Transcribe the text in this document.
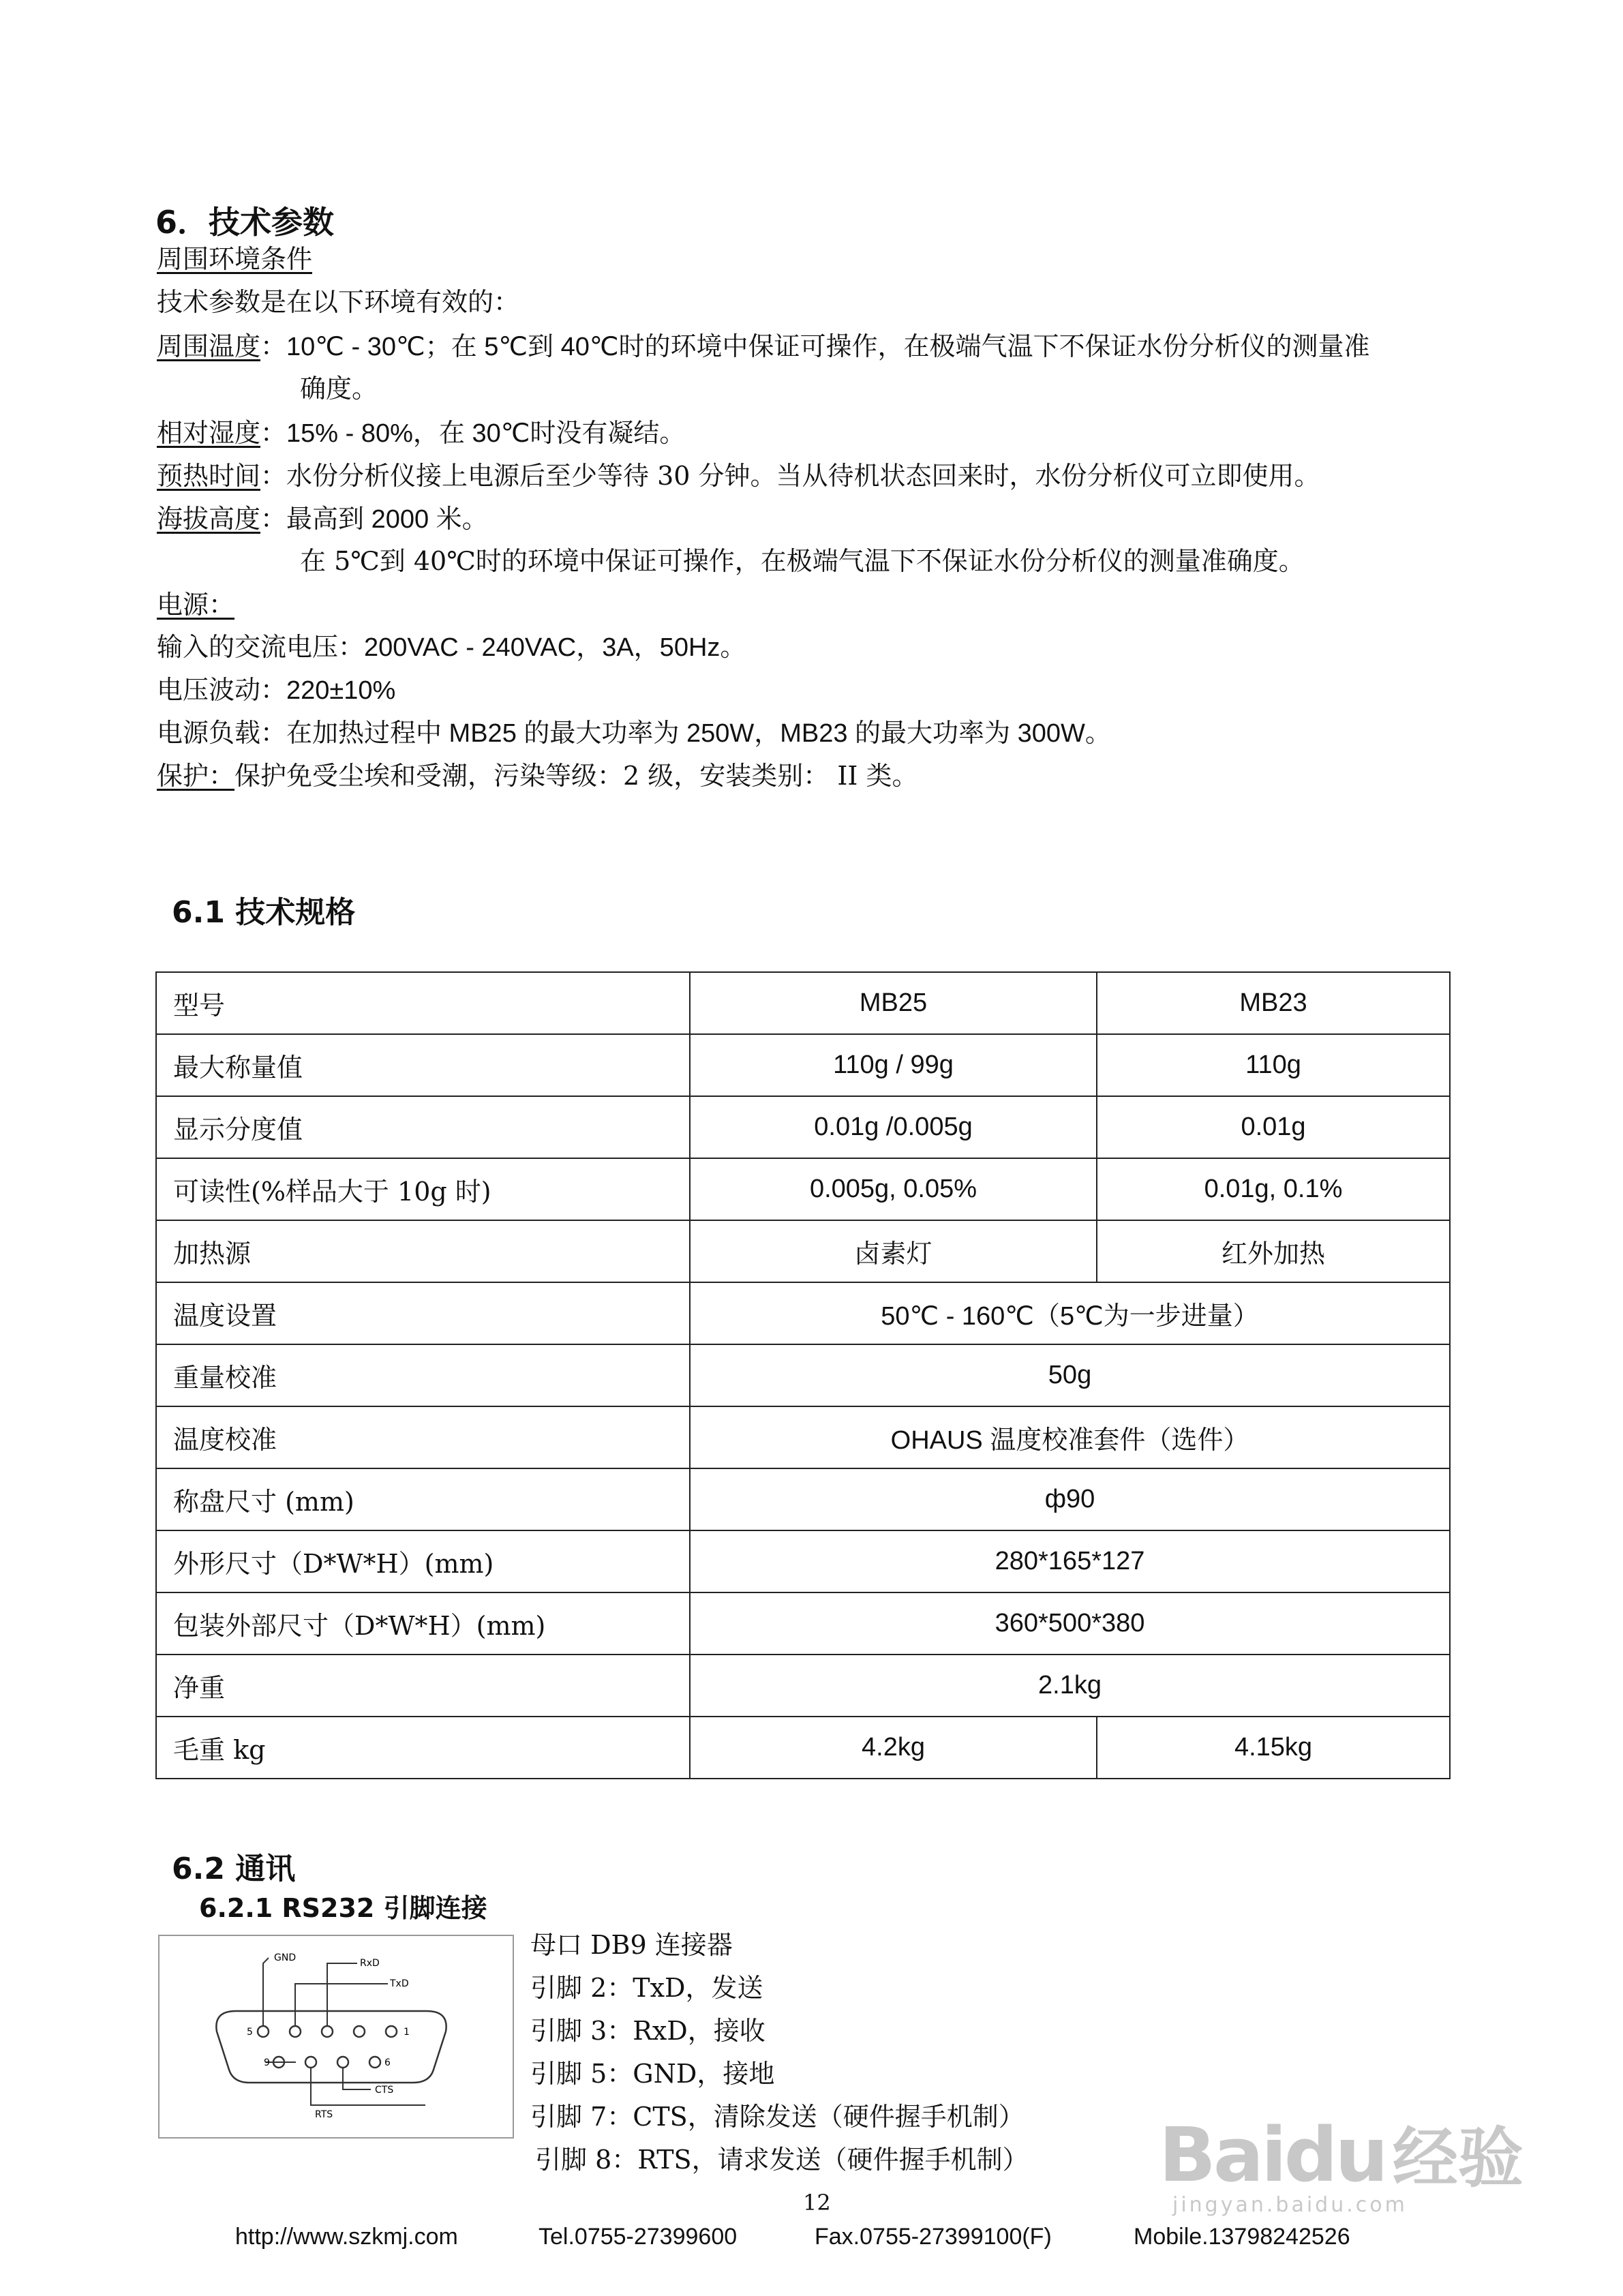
6．技术参数
周围环境条件
技术参数是在以下环境有效的：
周围温度：10℃ - 30℃；在 5℃到 40℃时的环境中保证可操作，在极端气温下不保证水份分析仪的测量准
确度。
相对湿度：15% - 80%，在 30℃时没有凝结。
预热时间：水份分析仪接上电源后至少等待 30 分钟。当从待机状态回来时，水份分析仪可立即使用。
海拔高度：最高到 2000 米。
在 5℃到 40℃时的环境中保证可操作，在极端气温下不保证水份分析仪的测量准确度。
电源：
输入的交流电压：200VAC - 240VAC，3A，50Hz。
电压波动：220±10%
电源负载：在加热过程中 MB25 的最大功率为 250W，MB23 的最大功率为 300W。
保护：保护免受尘埃和受潮，污染等级：2 级，安装类别： II 类。
6.1 技术规格
型号	MB25	MB23
最大称量值	110g / 99g	110g
显示分度值	0.01g /0.005g	0.01g
可读性(%样品大于 10g 时)	0.005g, 0.05%	0.01g, 0.1%
加热源	卤素灯	红外加热
温度设置	50℃ - 160℃（5℃为一步进量）	
重量校准	50g	
温度校准	OHAUS 温度校准套件（选件）	
称盘尺寸 (mm)	ф90	
外形尺寸（D*W*H）(mm)	280*165*127	
包装外部尺寸（D*W*H）(mm)	360*500*380	
净重	2.1kg	
毛重 kg	4.2kg	4.15kg
6.2 通讯
6.2.1 RS232 引脚连接
GND	RxD
TxD
CTS
RTS
5	1
9	6
母口 DB9 连接器
引脚 2：TxD，发送
引脚 3：RxD，接收
引脚 5：GND，接地
引脚 7：CTS，清除发送（硬件握手机制）
引脚 8：RTS，请求发送（硬件握手机制）
12
http://www.szkmj.com	Tel.0755-27399600	Fax.0755-27399100(F)	Mobile.13798242526
Baidu 经验
jingyan.baidu.com
